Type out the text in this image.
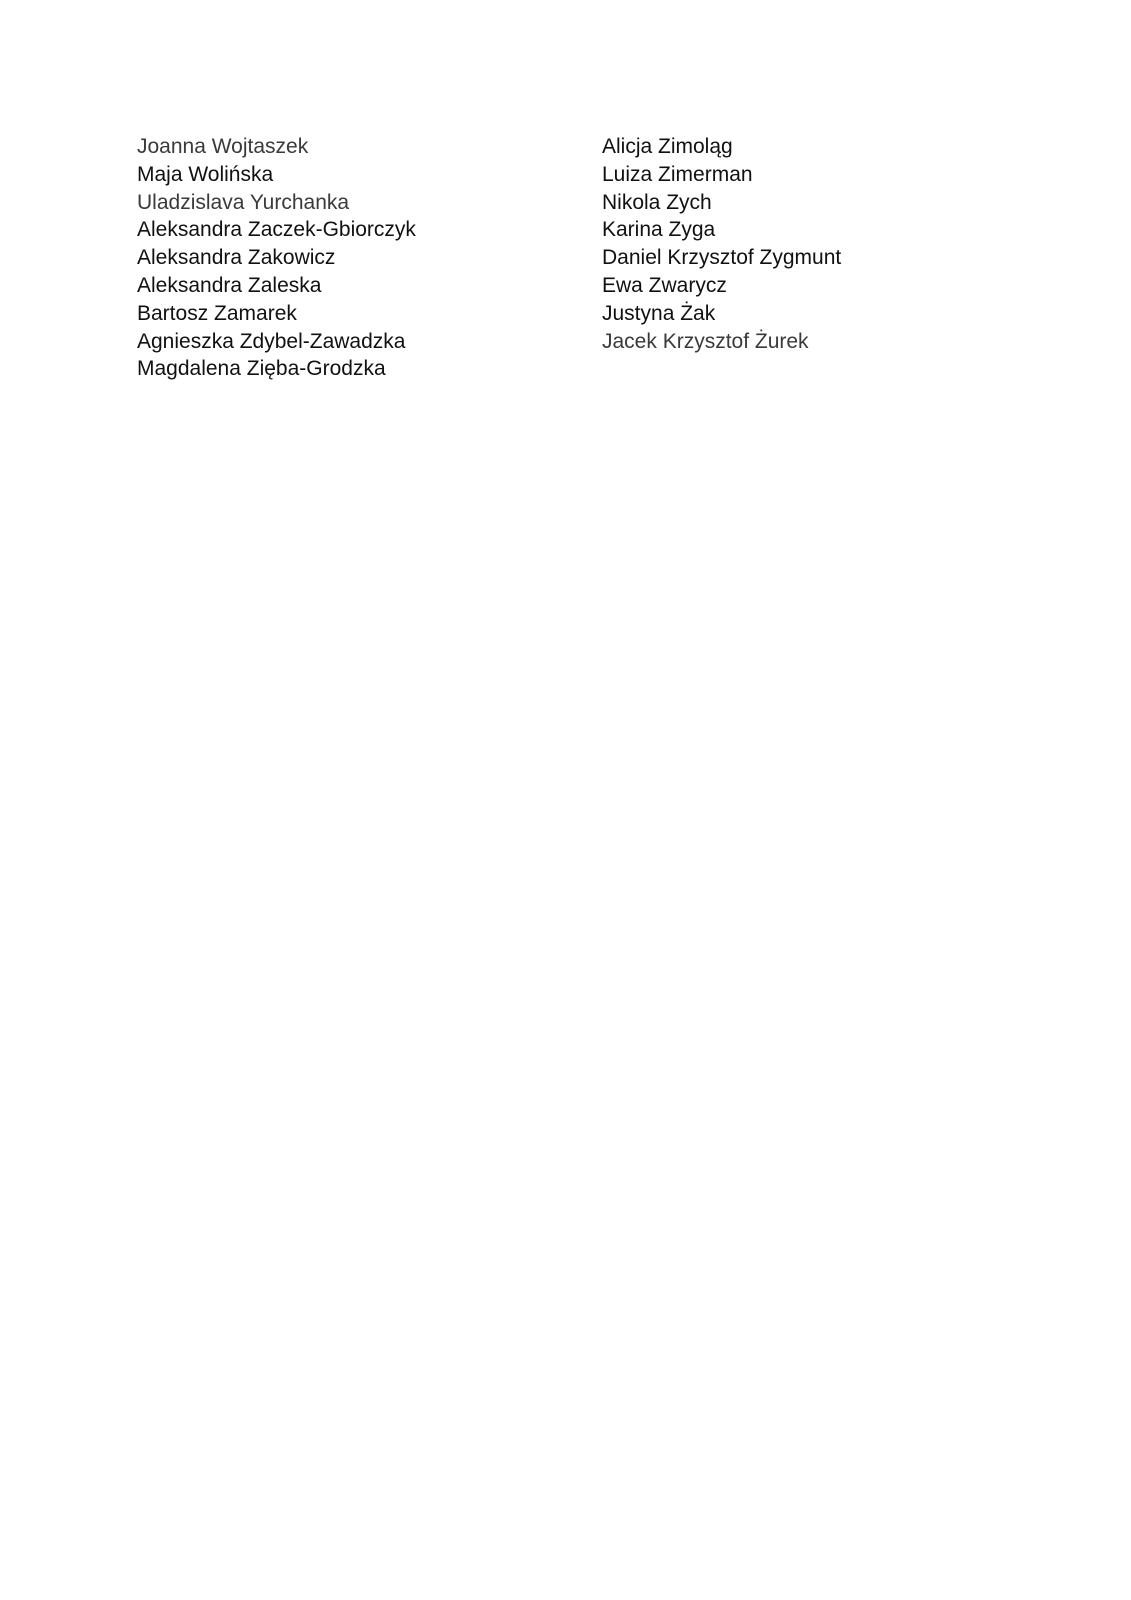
Joanna Wojtaszek
Maja Wolińska
Uladzislava Yurchanka
Aleksandra Zaczek-Gbiorczyk
Aleksandra Zakowicz
Aleksandra Zaleska
Bartosz Zamarek
Agnieszka Zdybel-Zawadzka
Magdalena Zięba-Grodzka
Alicja Zimoląg
Luiza Zimerman
Nikola Zych
Karina Zyga
Daniel Krzysztof Zygmunt
Ewa Zwarycz
Justyna Żak
Jacek Krzysztof Żurek
